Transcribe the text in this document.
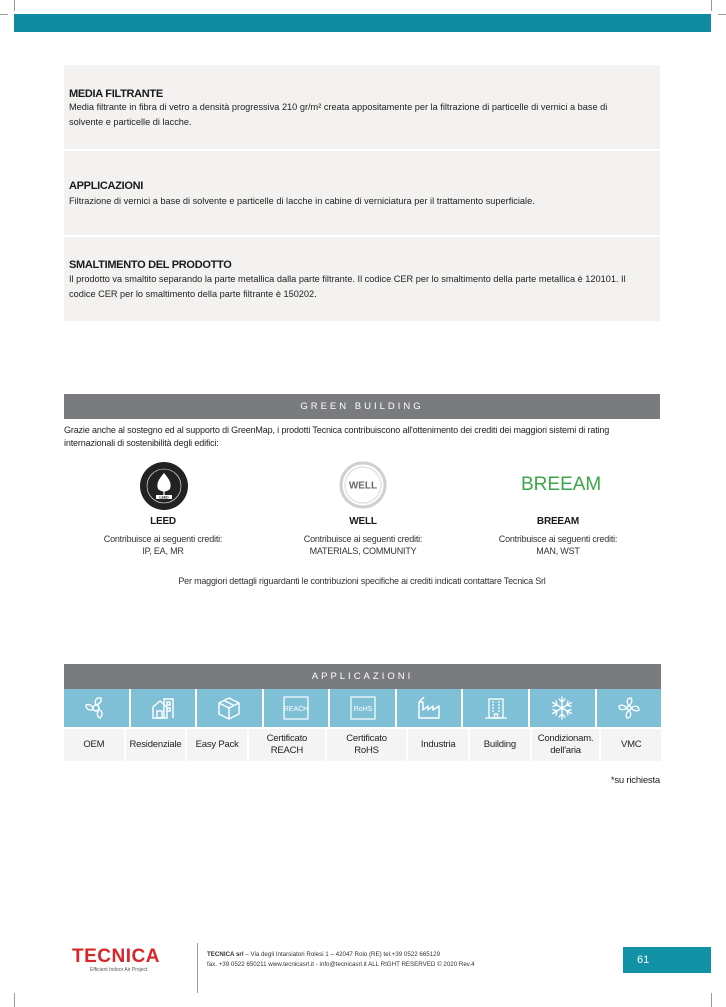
MEDIA FILTRANTE
Media filtrante in fibra di vetro a densità progressiva 210 gr/m² creata appositamente per la filtrazione di particelle di vernici a base di solvente e particelle di lacche.
APPLICAZIONI
Filtrazione di vernici a base di solvente e particelle di lacche in cabine di verniciatura per il trattamento superficiale.
SMALTIMENTO DEL PRODOTTO
Il prodotto va smaltito separando la parte metallica dalla parte filtrante. Il codice CER per lo smaltimento della parte metallica è 120101. Il codice CER per lo smaltimento della parte filtrante è 150202.
GREEN BUILDING
Grazie anche al sostegno ed al supporto di GreenMap, i prodotti Tecnica contribuiscono all'ottenimento dei crediti dei maggiori sistemi di rating internazionali di sostenibilità degli edifici:
LEED
WELL	BREEAM
LEED
Contribuisce ai seguenti crediti:
IP, EA, MR
WELL
Contribuisce ai seguenti crediti:
MATERIALS, COMMUNITY
BREEAM
Contribuisce ai seguenti crediti:
MAN, WST
Per maggiori dettagli riguardanti le contribuzioni specifiche ai crediti indicati contattare Tecnica Srl
APPLICAZIONI
REACH	RoHS
OEM	Residenziale	Easy Pack
Certificato REACH
Certificato RoHS
Industria	Building
Condizionam. dell'aria
VMC
*su richiesta
TECNICA
Efficient Indoor Air Project
TECNICA srl – Via degli Intarsiatori Rolesi 1 – 42047 Rolo (RE) tel.+39 0522 665129
fax. +39 0522 650211 www.tecnicasrl.it - info@tecnicasrl.it ALL RIGHT RESERVED © 2020 Rev.4	61
